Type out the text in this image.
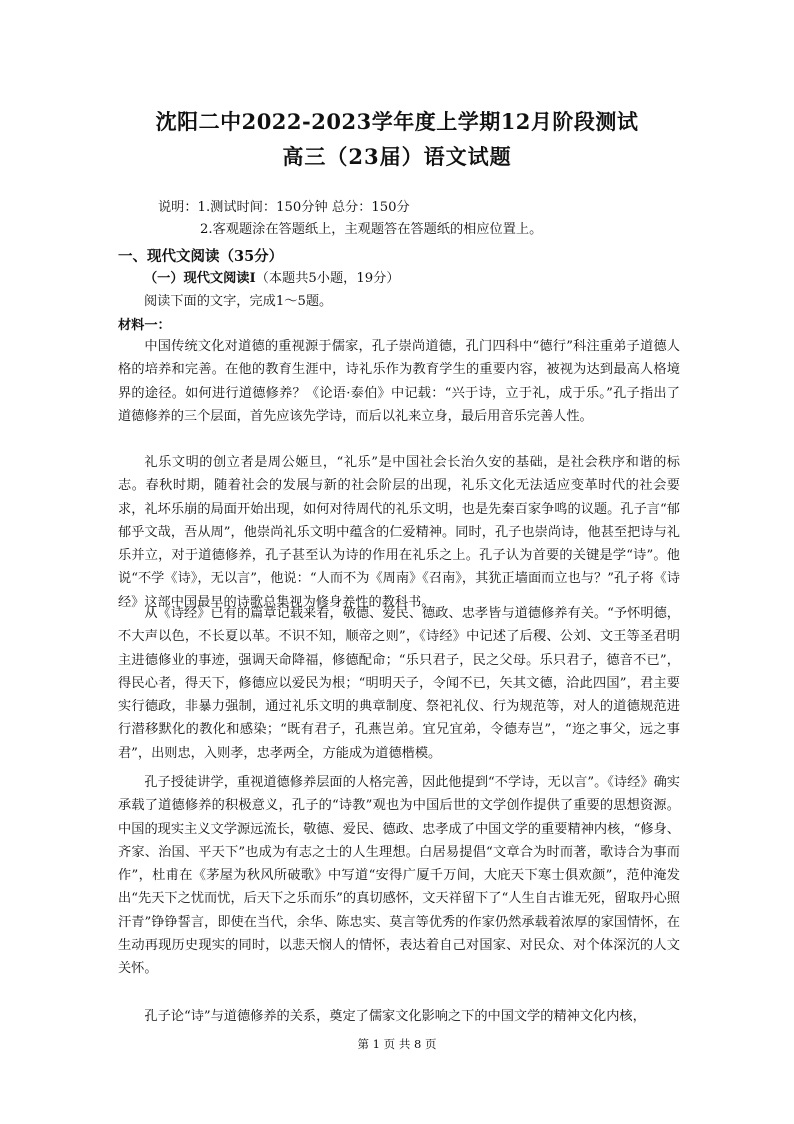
沈阳二中2022-2023学年度上学期12月阶段测试
高三（23届）语文试题
说明：1.测试时间：150分钟 总分：150分
2.客观题涂在答题纸上，主观题答在答题纸的相应位置上。
一、现代文阅读（35分）
（一）现代文阅读Ⅰ（本题共5小题，19分）
阅读下面的文字，完成1～5题。
材料一：
中国传统文化对道德的重视源于儒家，孔子崇尚道德，孔门四科中“德行”科注重弟子道德人格的培养和完善。在他的教育生涯中，诗礼乐作为教育学生的重要内容，被视为达到最高人格境界的途径。如何进行道德修养？《论语·泰伯》中记载：“兴于诗，立于礼，成于乐。”孔子指出了道德修养的三个层面，首先应该先学诗，而后以礼来立身，最后用音乐完善人性。
礼乐文明的创立者是周公姬旦，“礼乐”是中国社会长治久安的基础，是社会秩序和谐的标志。春秋时期，随着社会的发展与新的社会阶层的出现，礼乐文化无法适应变革时代的社会要求，礼坏乐崩的局面开始出现，如何对待周代的礼乐文明，也是先秦百家争鸣的议题。孔子言“郁郁乎文哉，吾从周”，他崇尚礼乐文明中蕴含的仁爱精神。同时，孔子也崇尚诗，他甚至把诗与礼乐并立，对于道德修养，孔子甚至认为诗的作用在礼乐之上。孔子认为首要的关键是学“诗”。他说“不学《诗》，无以言”，他说：“人而不为《周南》《召南》，其犹正墙面而立也与？”孔子将《诗经》这部中国最早的诗歌总集视为修身养性的教科书。
从《诗经》已有的篇章记载来看，敬德、爱民、德政、忠孝皆与道德修养有关。“予怀明德，不大声以色，不长夏以革。不识不知，顺帝之则”，《诗经》中记述了后稷、公刘、文王等圣君明主进德修业的事迹，强调天命降福，修德配命；“乐只君子，民之父母。乐只君子，德音不已”，得民心者，得天下，修德应以爱民为根；“明明天子，令闻不已，矢其文德，洽此四国”，君主要实行德政，非暴力强制，通过礼乐文明的典章制度、祭祀礼仪、行为规范等，对人的道德规范进行潜移默化的教化和感染；“既有君子，孔燕岂弟。宜兄宜弟，令德寿岂”，“迩之事父，远之事君”，出则忠，入则孝，忠孝两全，方能成为道德楷模。
孔子授徒讲学，重视道德修养层面的人格完善，因此他提到“不学诗，无以言”。《诗经》确实承载了道德修养的积极意义，孔子的“诗教”观也为中国后世的文学创作提供了重要的思想资源。中国的现实主义文学源远流长，敬德、爱民、德政、忠孝成了中国文学的重要精神内核，“修身、齐家、治国、平天下”也成为有志之士的人生理想。白居易提倡“文章合为时而著，歌诗合为事而作”，杜甫在《茅屋为秋风所破歌》中写道“安得广厦千万间，大庇天下寒士俱欢颜”，范仲淹发出“先天下之忧而忧，后天下之乐而乐”的真切感怀，文天祥留下了“人生自古谁无死，留取丹心照汗青”铮铮誓言，即使在当代，余华、陈忠实、莫言等优秀的作家仍然承载着浓厚的家国情怀，在生动再现历史现实的同时，以悲天悯人的情怀，表达着自己对国家、对民众、对个体深沉的人文关怀。
孔子论“诗”与道德修养的关系，奠定了儒家文化影响之下的中国文学的精神文化内核，
第 1 页 共 8 页
